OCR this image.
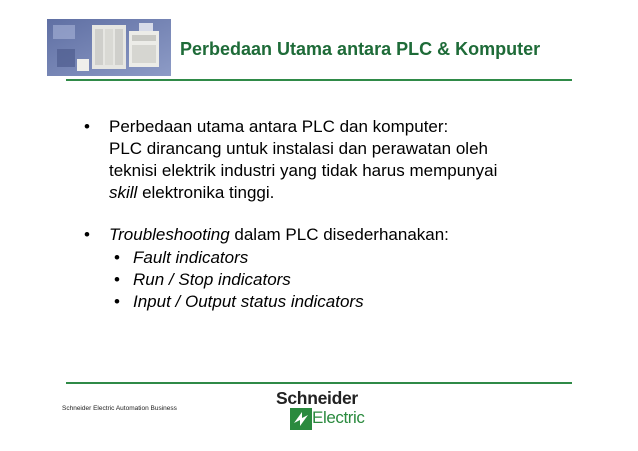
Perbedaan Utama antara PLC & Komputer
• Perbedaan utama antara PLC dan komputer:

PLC dirancang untuk instalasi dan perawatan oleh

teknisi elektrik industri yang tidak harus mempunyai

skill elektronika tinggi.

• Troubleshooting dalam PLC disederhanakan:

• Fault indicators
• Run / Stop indicators
• Input / Output status indicators
Schneider Electric Automation Business
Schneider
Electric
